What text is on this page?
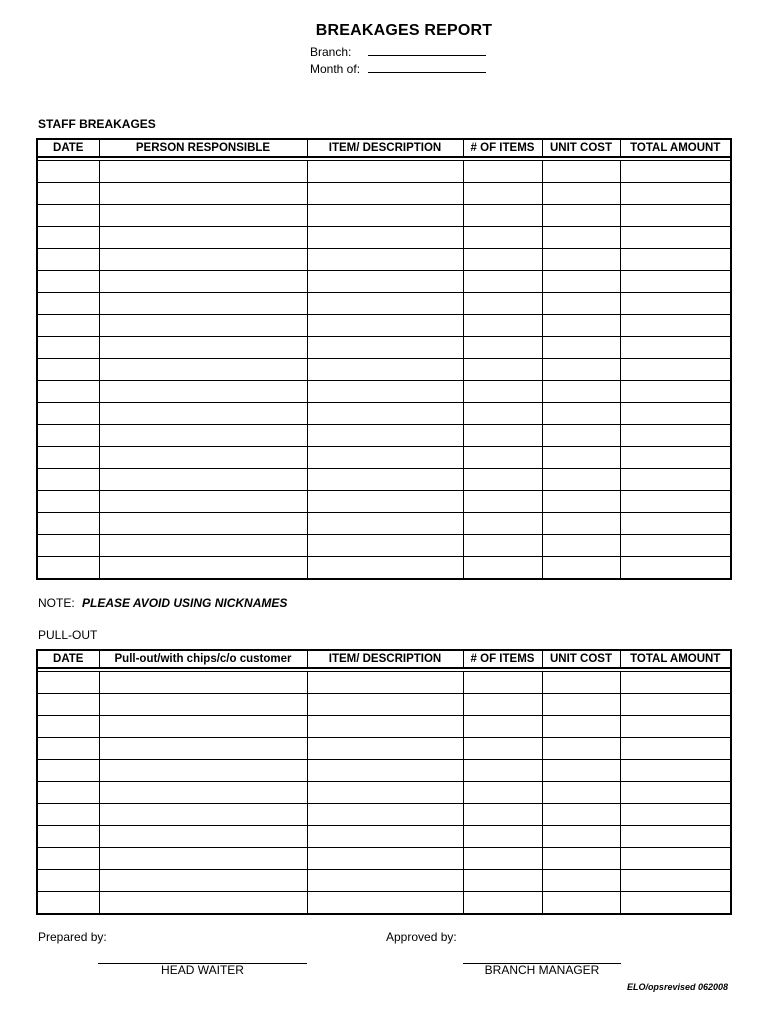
BREAKAGES REPORT
Branch:
Month of:
STAFF BREAKAGES
DATE	PERSON RESPONSIBLE	ITEM/ DESCRIPTION	# OF ITEMS	UNIT COST	TOTAL AMOUNT

NOTE: PLEASE AVOID USING NICKNAMES
PULL-OUT
DATE	Pull-out/with chips/c/o customer	ITEM/ DESCRIPTION	# OF ITEMS	UNIT COST	TOTAL AMOUNT

Prepared by:	Approved by:
HEAD WAITER	BRANCH MANAGER
ELO/opsrevised 062008
